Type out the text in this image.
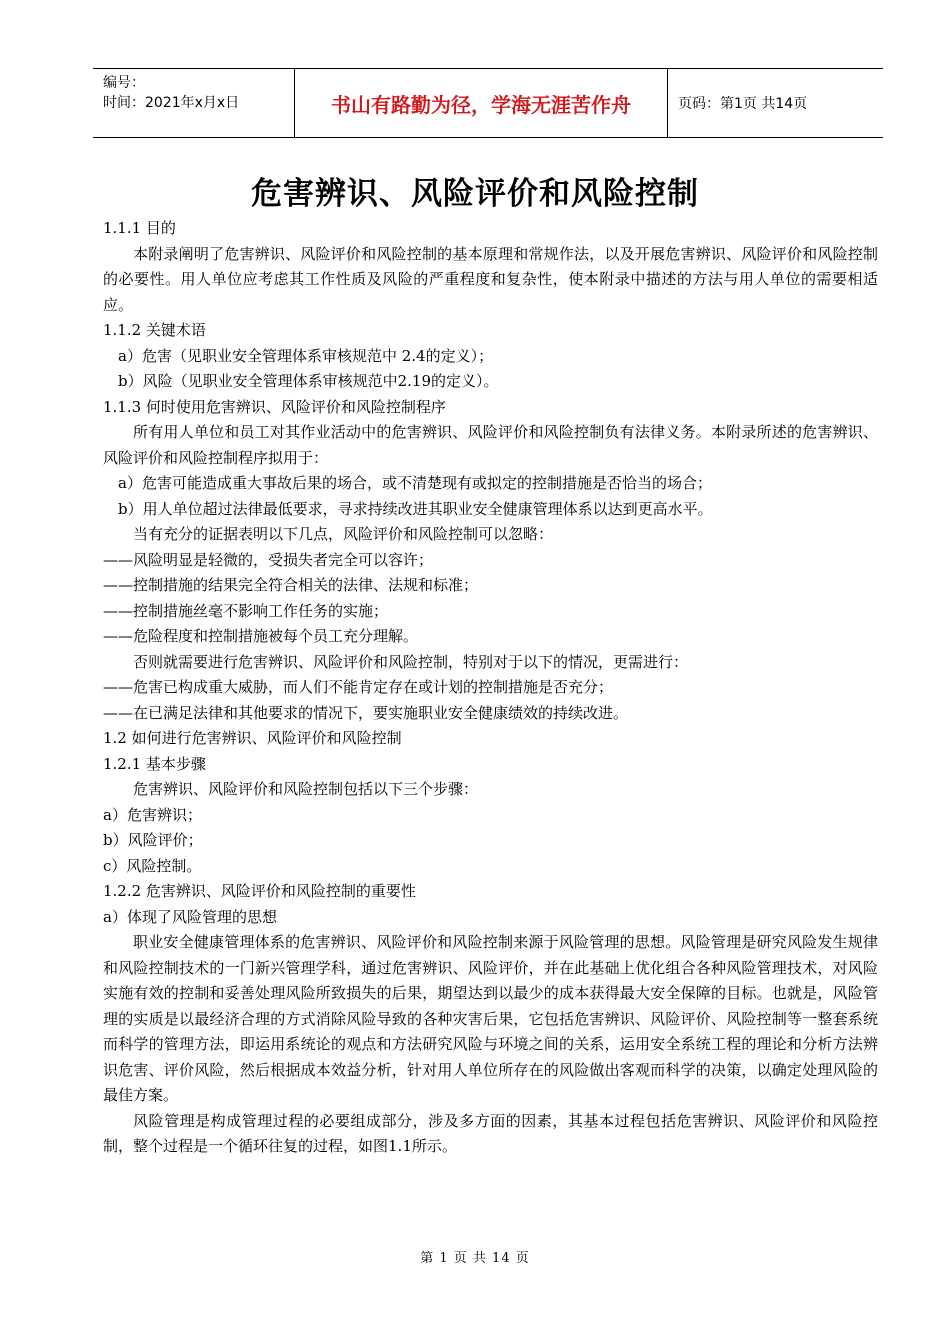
编号：
时间：2021年x月x日	书山有路勤为径，学海无涯苦作舟	页码：第1页 共14页
危害辨识、风险评价和风险控制

1.1.1 目的

本附录阐明了危害辨识、风险评价和风险控制的基本原理和常规作法，以及开展危害辨识、风险评价和风险控制的必要性。用人单位应考虑其工作性质及风险的严重程度和复杂性，使本附录中描述的方法与用人单位的需要相适应。

1.1.2 关键术语

a）危害（见职业安全管理体系审核规范中 2.4的定义）；

b）风险（见职业安全管理体系审核规范中2.19的定义）。

1.1.3 何时使用危害辨识、风险评价和风险控制程序

所有用人单位和员工对其作业活动中的危害辨识、风险评价和风险控制负有法律义务。本附录所述的危害辨识、风险评价和风险控制程序拟用于：

a）危害可能造成重大事故后果的场合，或不清楚现有或拟定的控制措施是否恰当的场合；

b）用人单位超过法律最低要求，寻求持续改进其职业安全健康管理体系以达到更高水平。

当有充分的证据表明以下几点，风险评价和风险控制可以忽略：

——风险明显是轻微的，受损失者完全可以容许；

——控制措施的结果完全符合相关的法律、法规和标准；

——控制措施丝毫不影响工作任务的实施；

——危险程度和控制措施被每个员工充分理解。

否则就需要进行危害辨识、风险评价和风险控制，特别对于以下的情况，更需进行：

——危害已构成重大威胁，而人们不能肯定存在或计划的控制措施是否充分；

——在已满足法律和其他要求的情况下，要实施职业安全健康绩效的持续改进。

1.2 如何进行危害辨识、风险评价和风险控制

1.2.1 基本步骤

危害辨识、风险评价和风险控制包括以下三个步骤：

a）危害辨识；

b）风险评价；

c）风险控制。

1.2.2 危害辨识、风险评价和风险控制的重要性

a）体现了风险管理的思想

职业安全健康管理体系的危害辨识、风险评价和风险控制来源于风险管理的思想。风险管理是研究风险发生规律和风险控制技术的一门新兴管理学科，通过危害辨识、风险评价，并在此基础上优化组合各种风险管理技术，对风险实施有效的控制和妥善处理风险所致损失的后果，期望达到以最少的成本获得最大安全保障的目标。也就是，风险管理的实质是以最经济合理的方式消除风险导致的各种灾害后果，它包括危害辨识、风险评价、风险控制等一整套系统而科学的管理方法，即运用系统论的观点和方法研究风险与环境之间的关系，运用安全系统工程的理论和分析方法辨识危害、评价风险，然后根据成本效益分析，针对用人单位所存在的风险做出客观而科学的决策，以确定处理风险的最佳方案。

风险管理是构成管理过程的必要组成部分，涉及多方面的因素，其基本过程包括危害辨识、风险评价和风险控制，整个过程是一个循环往复的过程，如图1.1所示。

第 1 页 共 14 页
